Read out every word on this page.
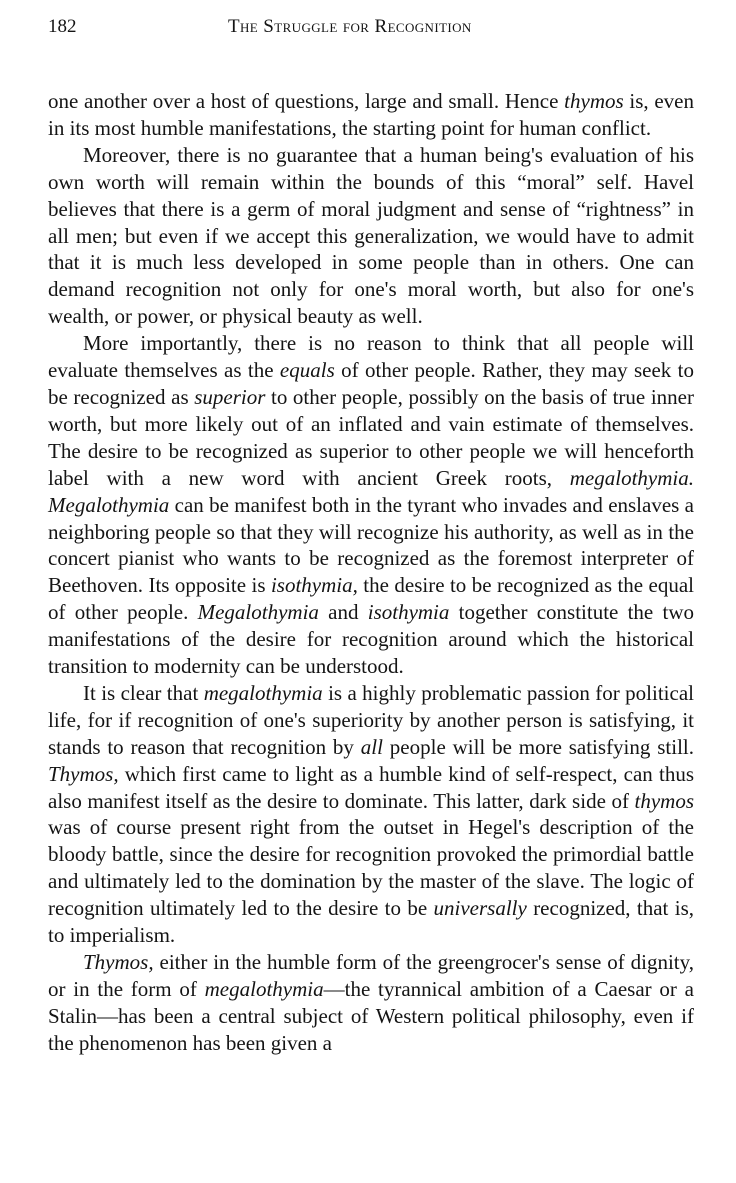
182	The Struggle for Recognition

one another over a host of questions, large and small. Hence thymos is, even in its most humble manifestations, the starting point for human conflict.

Moreover, there is no guarantee that a human being's evaluation of his own worth will remain within the bounds of this “moral” self. Havel believes that there is a germ of moral judgment and sense of “rightness” in all men; but even if we accept this generalization, we would have to admit that it is much less developed in some people than in others. One can demand recognition not only for one's moral worth, but also for one's wealth, or power, or physical beauty as well.

More importantly, there is no reason to think that all people will evaluate themselves as the equals of other people. Rather, they may seek to be recognized as superior to other people, possibly on the basis of true inner worth, but more likely out of an inflated and vain estimate of themselves. The desire to be recognized as superior to other people we will henceforth label with a new word with ancient Greek roots, megalothymia. Megalothymia can be manifest both in the tyrant who invades and enslaves a neighboring people so that they will recognize his authority, as well as in the concert pianist who wants to be recognized as the foremost interpreter of Beethoven. Its opposite is isothymia, the desire to be recognized as the equal of other people. Megalothymia and isothymia together constitute the two manifestations of the desire for recognition around which the historical transition to modernity can be understood.

It is clear that megalothymia is a highly problematic passion for political life, for if recognition of one's superiority by another person is satisfying, it stands to reason that recognition by all people will be more satisfying still. Thymos, which first came to light as a humble kind of self-respect, can thus also manifest itself as the desire to dominate. This latter, dark side of thymos was of course present right from the outset in Hegel's description of the bloody battle, since the desire for recognition provoked the primordial battle and ultimately led to the domination by the master of the slave. The logic of recognition ultimately led to the desire to be universally recognized, that is, to imperialism.

Thymos, either in the humble form of the greengrocer's sense of dignity, or in the form of megalothymia—the tyrannical ambition of a Caesar or a Stalin—has been a central subject of Western political philosophy, even if the phenomenon has been given a
